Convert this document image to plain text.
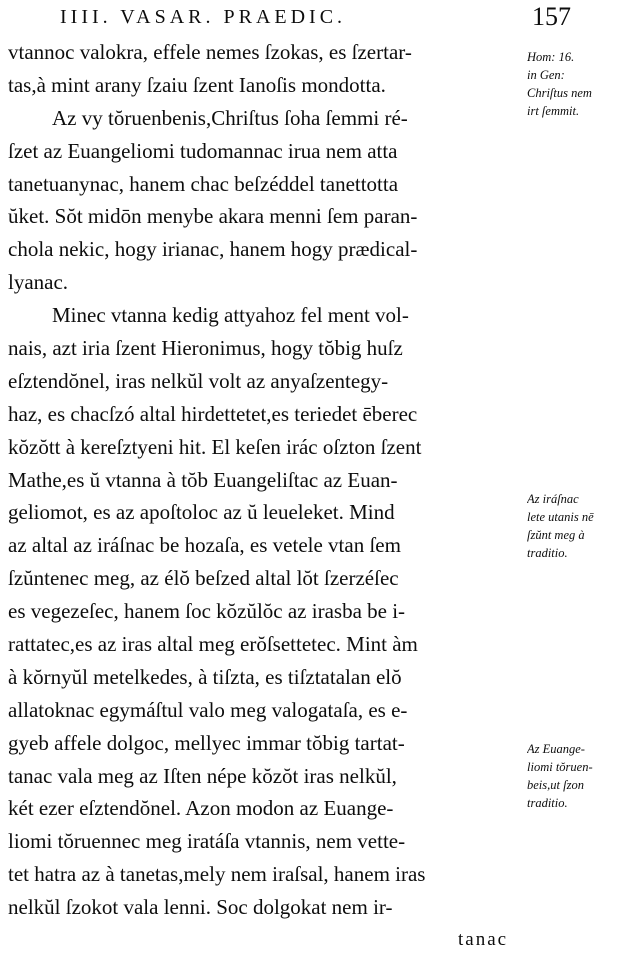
IIII. VASAR. PRAEDIC.	157
vtannoc valokra, effele nemes ſzokas, es ſzertar-
tas,à mint arany ſzaiu ſzent Ianoſis mondotta.
Az vy tŏruenbenis,Chriſtus ſoha ſemmi ré-
ſzet az Euangeliomi tudomannac irua nem atta
tanetuanynac, hanem chac beſzéddel tanettotta
ŭket. Sŏt midōn menybe akara menni ſem paran-
chola nekic, hogy irianac, hanem hogy prædical-
lyanac.
Minec vtanna kedig attyahoz fel ment vol-
nais, azt iria ſzent Hieronimus, hogy tŏbig huſz
eſztendŏnel, iras nelkŭl volt az anyaſzentegy-
haz, es chacſzó altal hirdettetet,es teriedet ēberec
kŏzŏtt à kereſztyeni hit. El keſen irác oſzton ſzent
Mathe,es ŭ vtanna à tŏb Euangeliſtac az Euan-
geliomot, es az apoſtoloc az ŭ leueleket. Mind
az altal az iráſnac be hozaſa, es vetele vtan ſem
ſzŭntenec meg, az élŏ beſzed altal lŏt ſzerzéſec
es vegezeſec, hanem ſoc kŏzŭlŏc az irasba be i-
rattatec,es az iras altal meg erŏſsettetec. Mint àm
à kŏrnyŭl metelkedes, à tiſzta, es tiſztatalan elŏ
allatoknac egymáſtul valo meg valogataſa, es e-
gyeb affele dolgoc, mellyec immar tŏbig tartat-
tanac vala meg az Iſten népe kŏzŏt iras nelkŭl,
két ezer eſztendŏnel. Azon modon az Euange-
liomi tŏruennec meg iratáſa vtannis, nem vette-
tet hatra az à tanetas,mely nem iraſsal, hanem iras
nelkŭl ſzokot vala lenni. Soc dolgokat nem ir-
tanac
Hom: 16.
in Gen:
Chriſtus nem
irt ſemmit.
Az iráſnac
lete utanis nē
ſzŭnt meg à
traditio.
Az Euange-
liomi tŏruen-
beis,ut ſzon
traditio.
